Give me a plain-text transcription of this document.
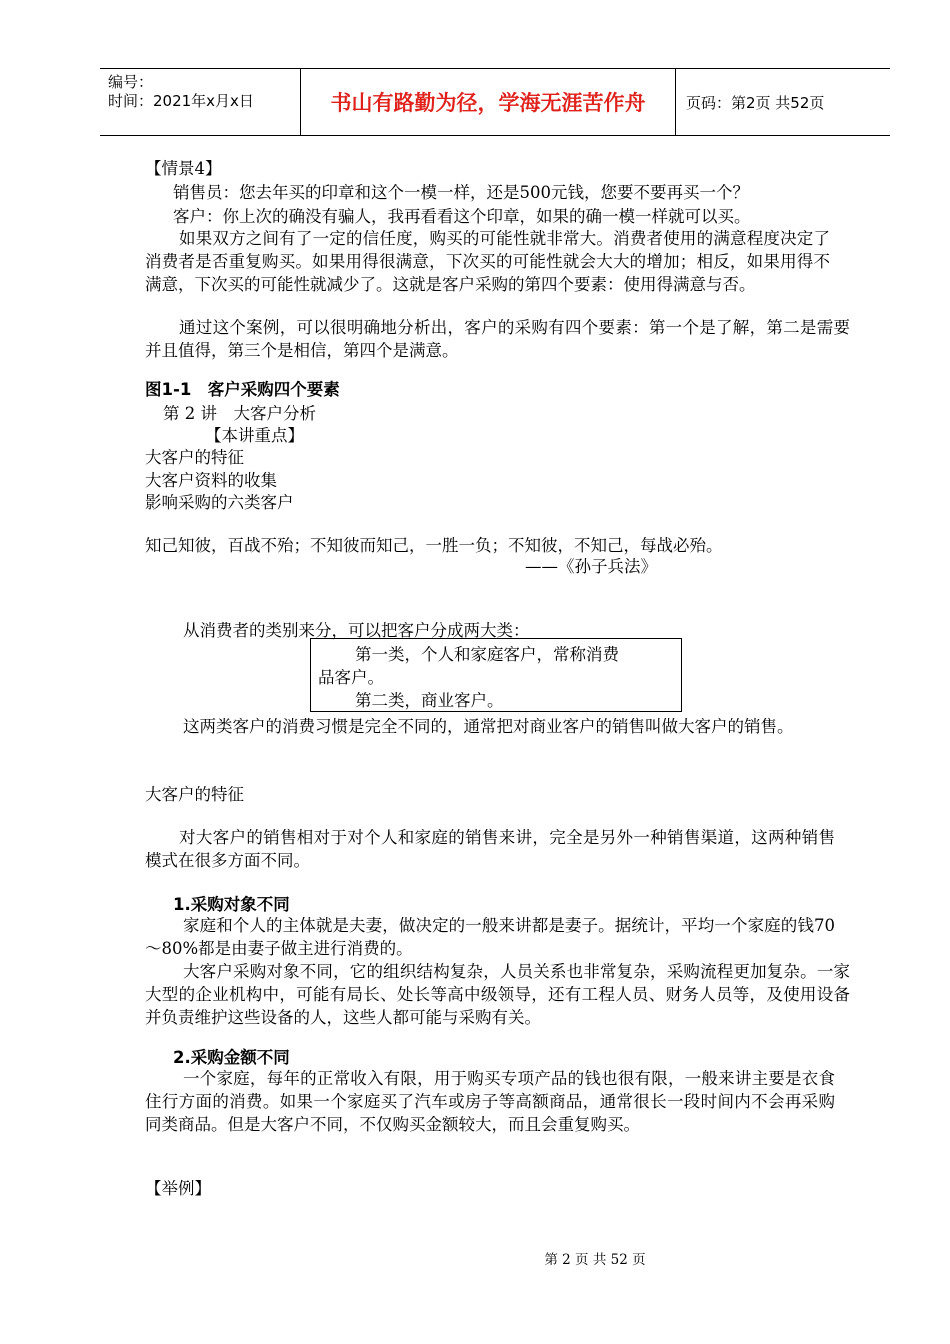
编号：
时间：2021年x月x日	书山有路勤为径，学海无涯苦作舟	页码：第2页 共52页
【情景4】
销售员：您去年买的印章和这个一模一样，还是500元钱，您要不要再买一个？
客户：你上次的确没有骗人，我再看看这个印章，如果的确一模一样就可以买。
如果双方之间有了一定的信任度，购买的可能性就非常大。消费者使用的满意程度决定了消费者是否重复购买。如果用得很满意，下次买的可能性就会大大的增加；相反，如果用得不满意，下次买的可能性就减少了。这就是客户采购的第四个要素：使用得满意与否。
通过这个案例，可以很明确地分析出，客户的采购有四个要素：第一个是了解，第二是需要并且值得，第三个是相信，第四个是满意。
图1-1　客户采购四个要素
第 2 讲　大客户分析
【本讲重点】
大客户的特征
大客户资料的收集
影响采购的六类客户
知己知彼，百战不殆；不知彼而知己，一胜一负；不知彼，不知己，每战必殆。
——《孙子兵法》
从消费者的类别来分，可以把客户分成两大类：
第一类，个人和家庭客户，常称消费
品客户。
第二类，商业客户。
这两类客户的消费习惯是完全不同的，通常把对商业客户的销售叫做大客户的销售。
大客户的特征
对大客户的销售相对于对个人和家庭的销售来讲，完全是另外一种销售渠道，这两种销售模式在很多方面不同。
1.采购对象不同
家庭和个人的主体就是夫妻，做决定的一般来讲都是妻子。据统计，平均一个家庭的钱70～80%都是由妻子做主进行消费的。
大客户采购对象不同，它的组织结构复杂，人员关系也非常复杂，采购流程更加复杂。一家大型的企业机构中，可能有局长、处长等高中级领导，还有工程人员、财务人员等，及使用设备并负责维护这些设备的人，这些人都可能与采购有关。
2.采购金额不同
一个家庭，每年的正常收入有限，用于购买专项产品的钱也很有限，一般来讲主要是衣食住行方面的消费。如果一个家庭买了汽车或房子等高额商品，通常很长一段时间内不会再采购同类商品。但是大客户不同，不仅购买金额较大，而且会重复购买。
【举例】
第 2 页 共 52 页
